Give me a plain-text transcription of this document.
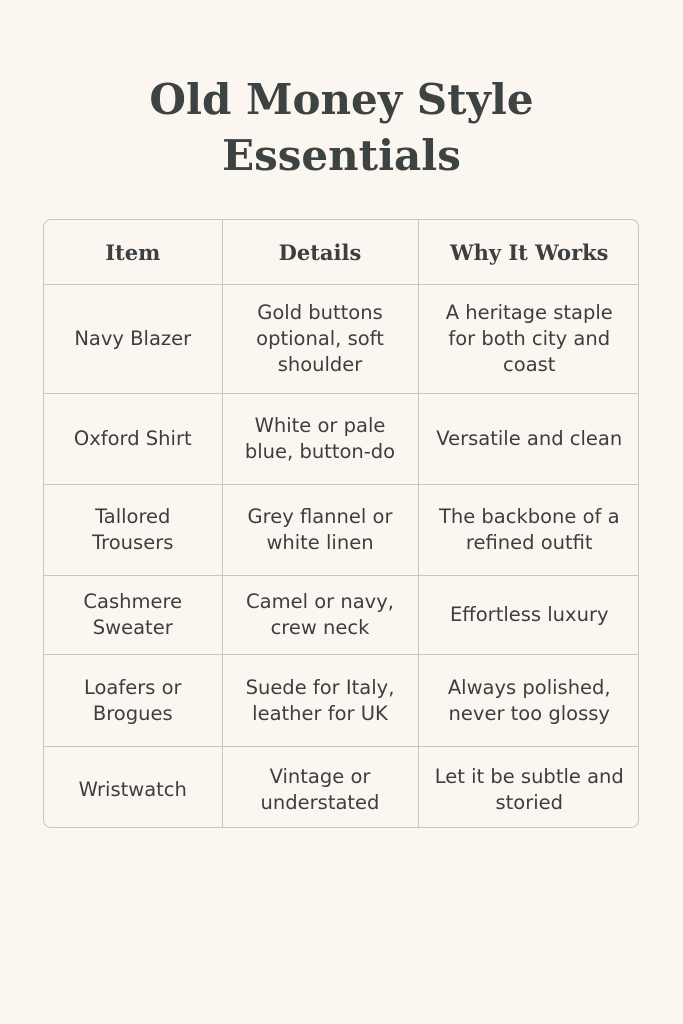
Old Money Style
Essentials
Item	Details	Why It Works
Navy Blazer	Gold buttons optional, soft shoulder	A heritage staple for both city and coast
Oxford Shirt	White or pale blue, button-do	Versatile and clean
Tallored Trousers	Grey flannel or white linen	The backbone of a refined outfit
Cashmere Sweater	Camel or navy, crew neck	Effortless luxury
Loafers or Brogues	Suede for Italy, leather for UK	Always polished, never too glossy
Wristwatch	Vintage or understated	Let it be subtle and storied
